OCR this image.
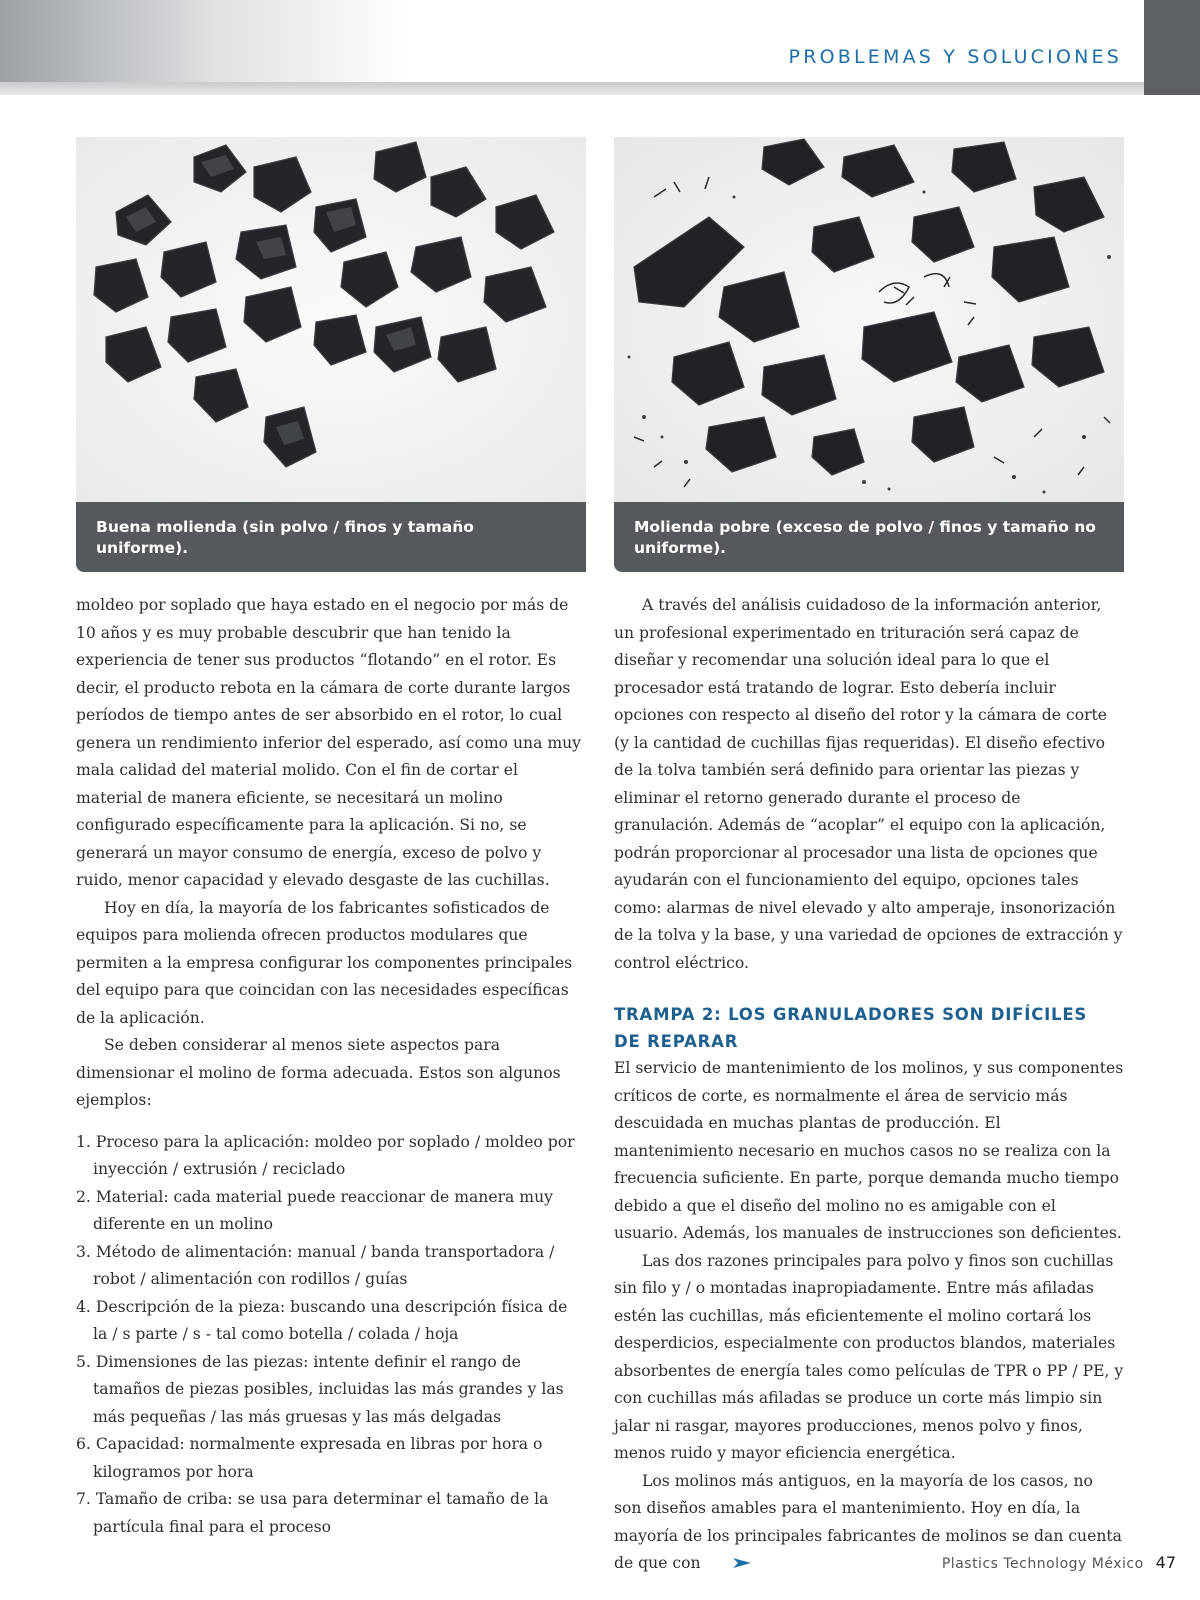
PROBLEMAS Y SOLUCIONES
Buena molienda (sin polvo / finos y tamaño uniforme).
Molienda pobre (exceso de polvo / finos y tamaño no uniforme).

moldeo por soplado que haya estado en el negocio por más de 10 años y es muy probable descubrir que han tenido la experiencia de tener sus productos “flotando” en el rotor. Es decir, el producto rebota en la cámara de corte durante largos períodos de tiempo antes de ser absorbido en el rotor, lo cual genera un rendimiento inferior del esperado, así como una muy mala calidad del material molido. Con el fin de cortar el material de manera eficiente, se necesitará un molino configurado específicamente para la aplicación. Si no, se generará un mayor consumo de energía, exceso de polvo y ruido, menor capacidad y elevado desgaste de las cuchillas.

Hoy en día, la mayoría de los fabricantes sofisticados de equipos para molienda ofrecen productos modulares que permiten a la empresa configurar los componentes principales del equipo para que coincidan con las necesidades específicas de la aplicación.

Se deben considerar al menos siete aspectos para dimensionar el molino de forma adecuada. Estos son algunos ejemplos:

1. Proceso para la aplicación: moldeo por soplado / moldeo por inyección / extrusión / reciclado
2. Material: cada material puede reaccionar de manera muy diferente en un molino
3. Método de alimentación: manual / banda transportadora / robot / alimentación con rodillos / guías
4. Descripción de la pieza: buscando una descripción física de la / s parte / s - tal como botella / colada / hoja
5. Dimensiones de las piezas: intente definir el rango de tamaños de piezas posibles, incluidas las más grandes y las más pequeñas / las más gruesas y las más delgadas
6. Capacidad: normalmente expresada en libras por hora o kilogramos por hora
7. Tamaño de criba: se usa para determinar el tamaño de la partícula final para el proceso

A través del análisis cuidadoso de la información anterior, un profesional experimentado en trituración será capaz de diseñar y recomendar una solución ideal para lo que el procesador está tratando de lograr. Esto debería incluir opciones con respecto al diseño del rotor y la cámara de corte (y la cantidad de cuchillas fijas requeridas). El diseño efectivo de la tolva también será definido para orientar las piezas y eliminar el retorno generado durante el proceso de granulación. Además de “acoplar” el equipo con la aplicación, podrán proporcionar al procesador una lista de opciones que ayudarán con el funcionamiento del equipo, opciones tales como: alarmas de nivel elevado y alto amperaje, insonorización de la tolva y la base, y una variedad de opciones de extracción y control eléctrico.

TRAMPA 2: LOS GRANULADORES SON DIFÍCILES
DE REPARAR

El servicio de mantenimiento de los molinos, y sus componentes críticos de corte, es normalmente el área de servicio más descuidada en muchas plantas de producción. El mantenimiento necesario en muchos casos no se realiza con la frecuencia suficiente. En parte, porque demanda mucho tiempo debido a que el diseño del molino no es amigable con el usuario. Además, los manuales de instrucciones son deficientes.

Las dos razones principales para polvo y finos son cuchillas sin filo y / o montadas inapropiadamente. Entre más afiladas estén las cuchillas, más eficientemente el molino cortará los desperdicios, especialmente con productos blandos, materiales absorbentes de energía tales como películas de TPR o PP / PE, y con cuchillas más afiladas se produce un corte más limpio sin jalar ni rasgar, mayores producciones, menos polvo y finos, menos ruido y mayor eficiencia energética.

Los molinos más antiguos, en la mayoría de los casos, no son diseños amables para el mantenimiento. Hoy en día, la mayoría de los principales fabricantes de molinos se dan cuenta de que con	Plastics Technology México 47
